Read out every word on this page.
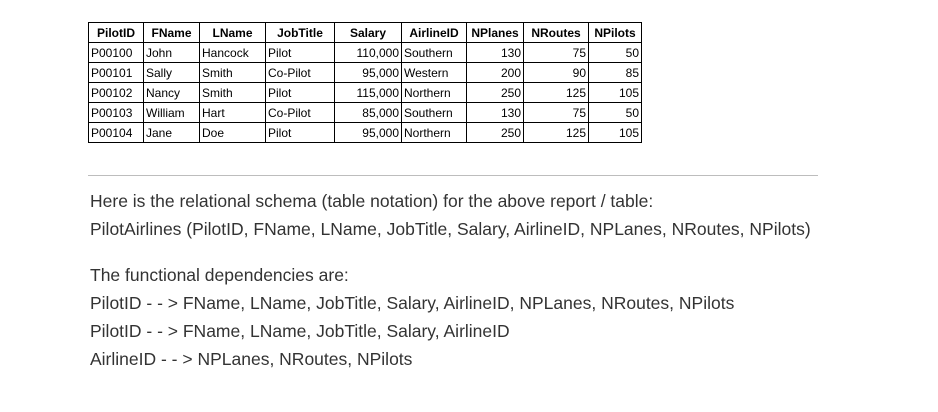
PilotID	FName	LName	JobTitle	Salary	AirlineID	NPlanes	NRoutes	NPilots
P00100	John	Hancock	Pilot	110,000	Southern	130	75	50
P00101	Sally	Smith	Co-Pilot	95,000	Western	200	90	85
P00102	Nancy	Smith	Pilot	115,000	Northern	250	125	105
P00103	William	Hart	Co-Pilot	85,000	Southern	130	75	50
P00104	Jane	Doe	Pilot	95,000	Northern	250	125	105

Here is the relational schema (table notation) for the above report / table:

PilotAirlines (PilotID, FName, LName, JobTitle, Salary, AirlineID, NPLanes, NRoutes, NPilots)

The functional dependencies are:

PilotID - - > FName, LName, JobTitle, Salary, AirlineID, NPLanes, NRoutes, NPilots

PilotID - - > FName, LName, JobTitle, Salary, AirlineID

AirlineID - - > NPLanes, NRoutes, NPilots
